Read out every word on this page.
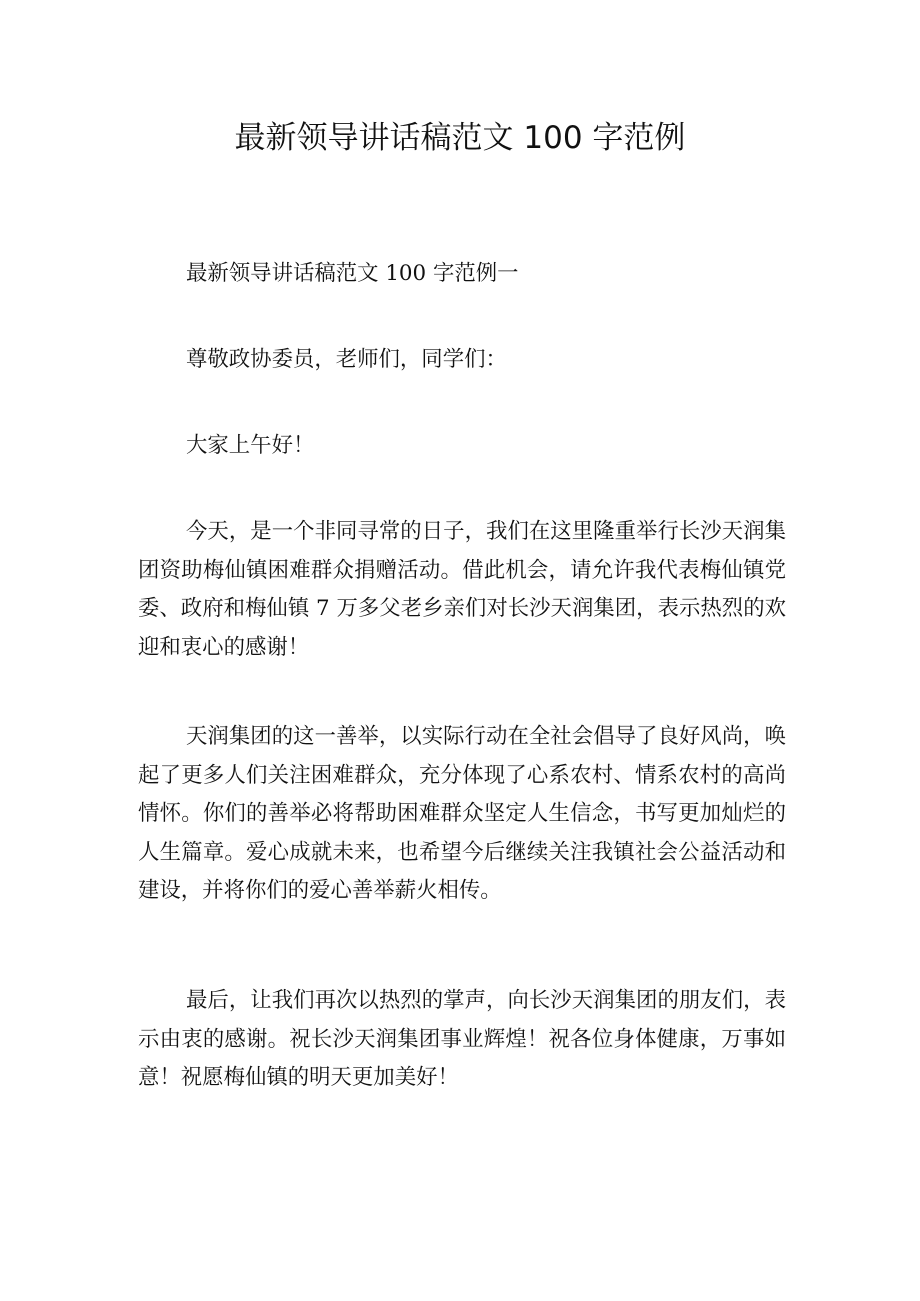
最新领导讲话稿范文 100 字范例

最新领导讲话稿范文 100 字范例一

尊敬政协委员，老师们，同学们：

大家上午好！

今天，是一个非同寻常的日子，我们在这里隆重举行长沙天润集团资助梅仙镇困难群众捐赠活动。借此机会，请允许我代表梅仙镇党委、政府和梅仙镇 7 万多父老乡亲们对长沙天润集团，表示热烈的欢迎和衷心的感谢！

天润集团的这一善举，以实际行动在全社会倡导了良好风尚，唤起了更多人们关注困难群众，充分体现了心系农村、情系农村的高尚情怀。你们的善举必将帮助困难群众坚定人生信念，书写更加灿烂的人生篇章。爱心成就未来，也希望今后继续关注我镇社会公益活动和建设，并将你们的爱心善举薪火相传。

最后，让我们再次以热烈的掌声，向长沙天润集团的朋友们，表示由衷的感谢。祝长沙天润集团事业辉煌！祝各位身体健康，万事如意！祝愿梅仙镇的明天更加美好！
